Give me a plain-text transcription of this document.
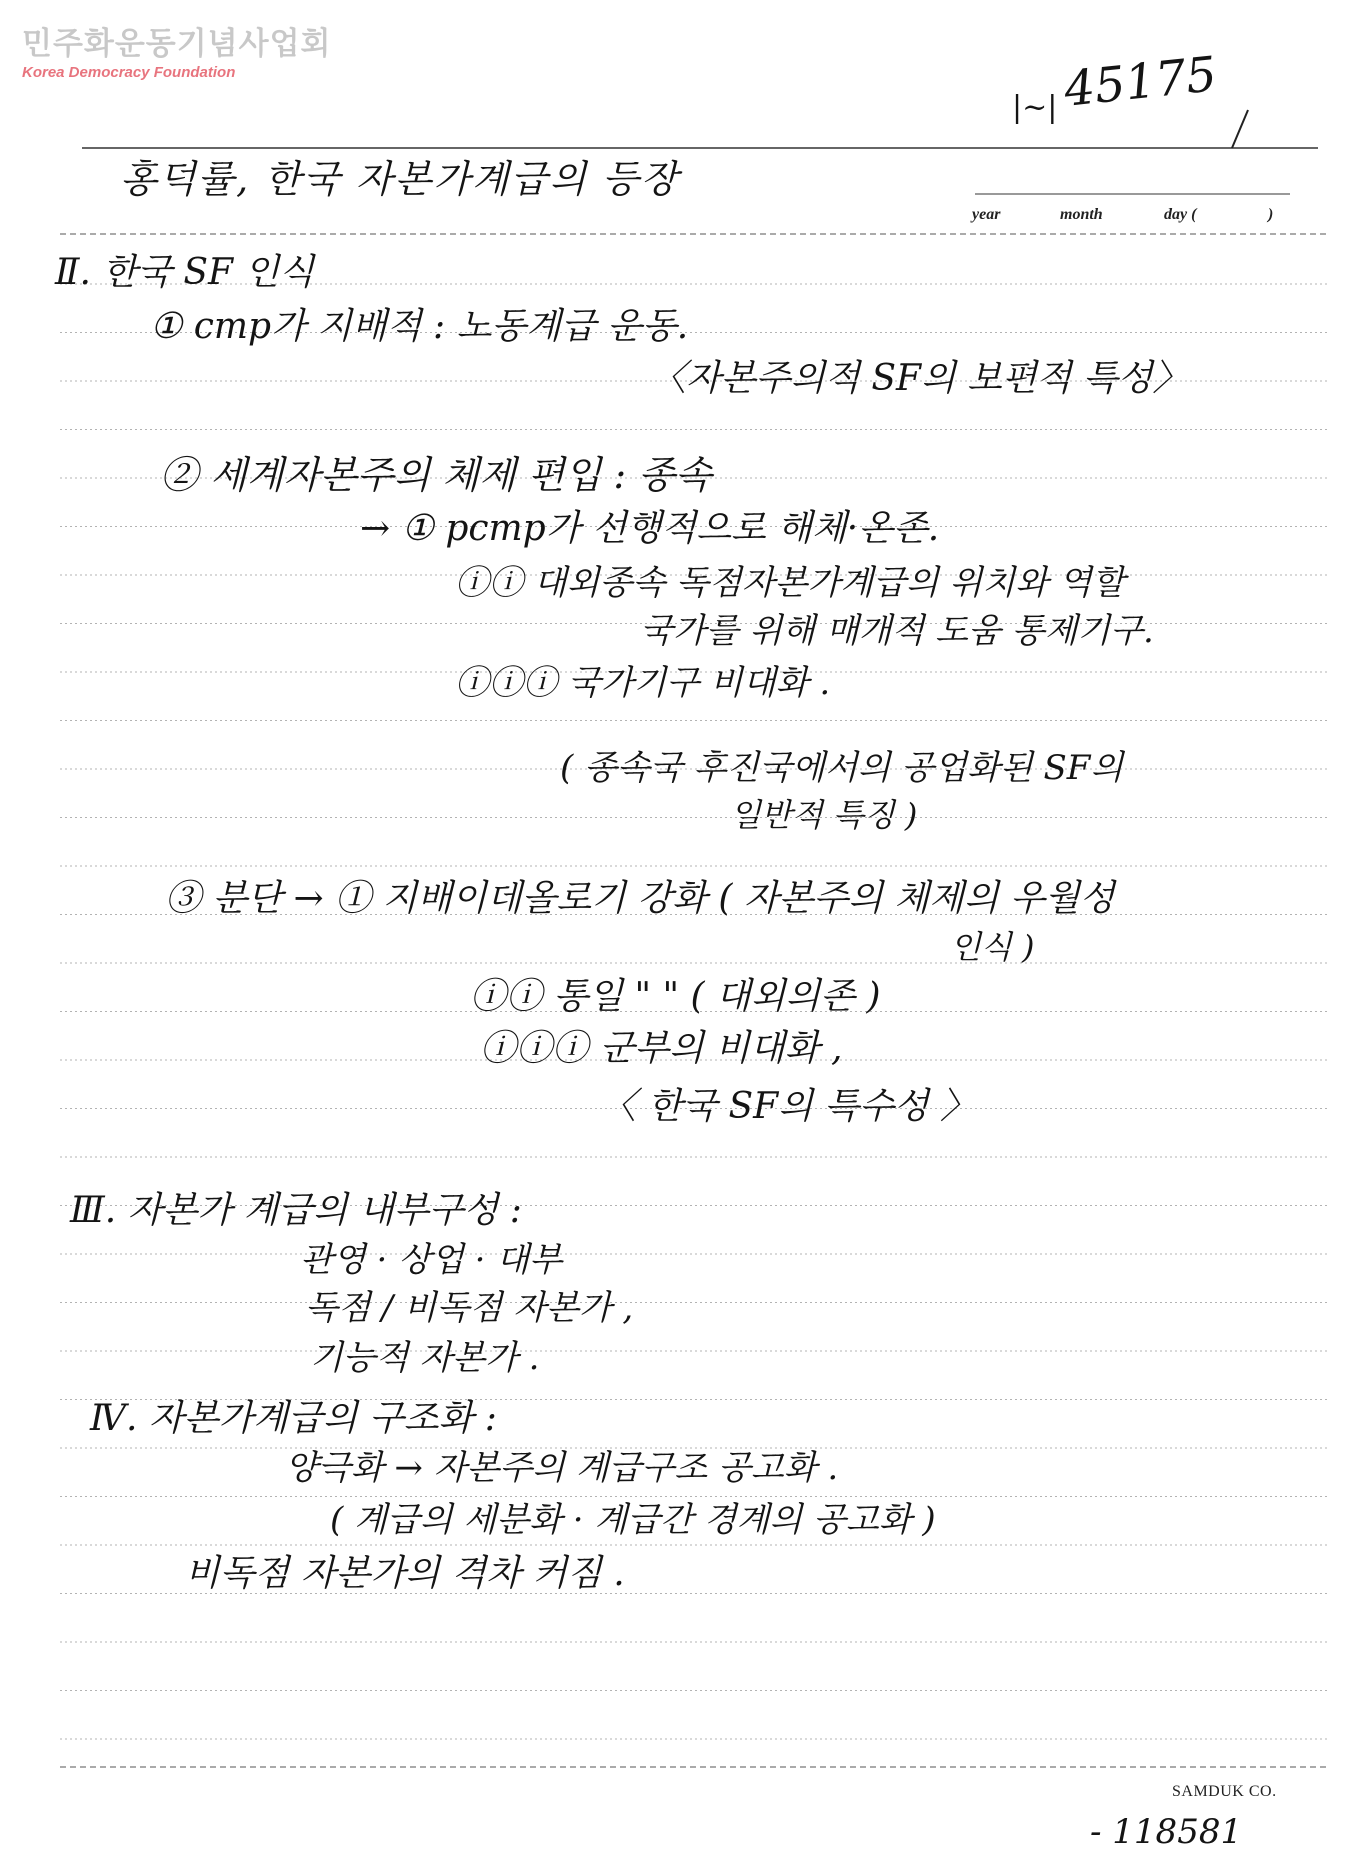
민주화운동기념사업회

Korea Democracy Foundation

|~| 45175

홍덕률, 한국 자본가계급의 등장

year	month	day (	)

Ⅱ. 한국 SF 인식

① cmp가 지배적 : 노동계급 운동.

〈자본주의적 SF의 보편적 특성〉

② 세계자본주의 체제 편입 : 종속

→ ① pcmp가 선행적으로 해체·온존.

ⓘⓘ 대외종속 독점자본가계급의 위치와 역할

국가를 위해 매개적 도움 통제기구.

ⓘⓘⓘ 국가기구 비대화 .

( 종속국 후진국에서의 공업화된 SF의

일반적 특징 )

③ 분단 → ① 지배이데올로기 강화 ( 자본주의 체제의 우월성

인식 )

ⓘⓘ 통일 " " ( 대외의존 )

ⓘⓘⓘ 군부의 비대화 ,

〈 한국 SF의 특수성 〉

Ⅲ. 자본가 계급의 내부구성 :

관영 · 상업 · 대부

독점 / 비독점 자본가 ,

기능적 자본가 .

Ⅳ. 자본가계급의 구조화 :

양극화 → 자본주의 계급구조 공고화 .

( 계급의 세분화 · 계급간 경계의 공고화 )

비독점 자본가의 격차 커짐 .

SAMDUK CO.

- 118581
